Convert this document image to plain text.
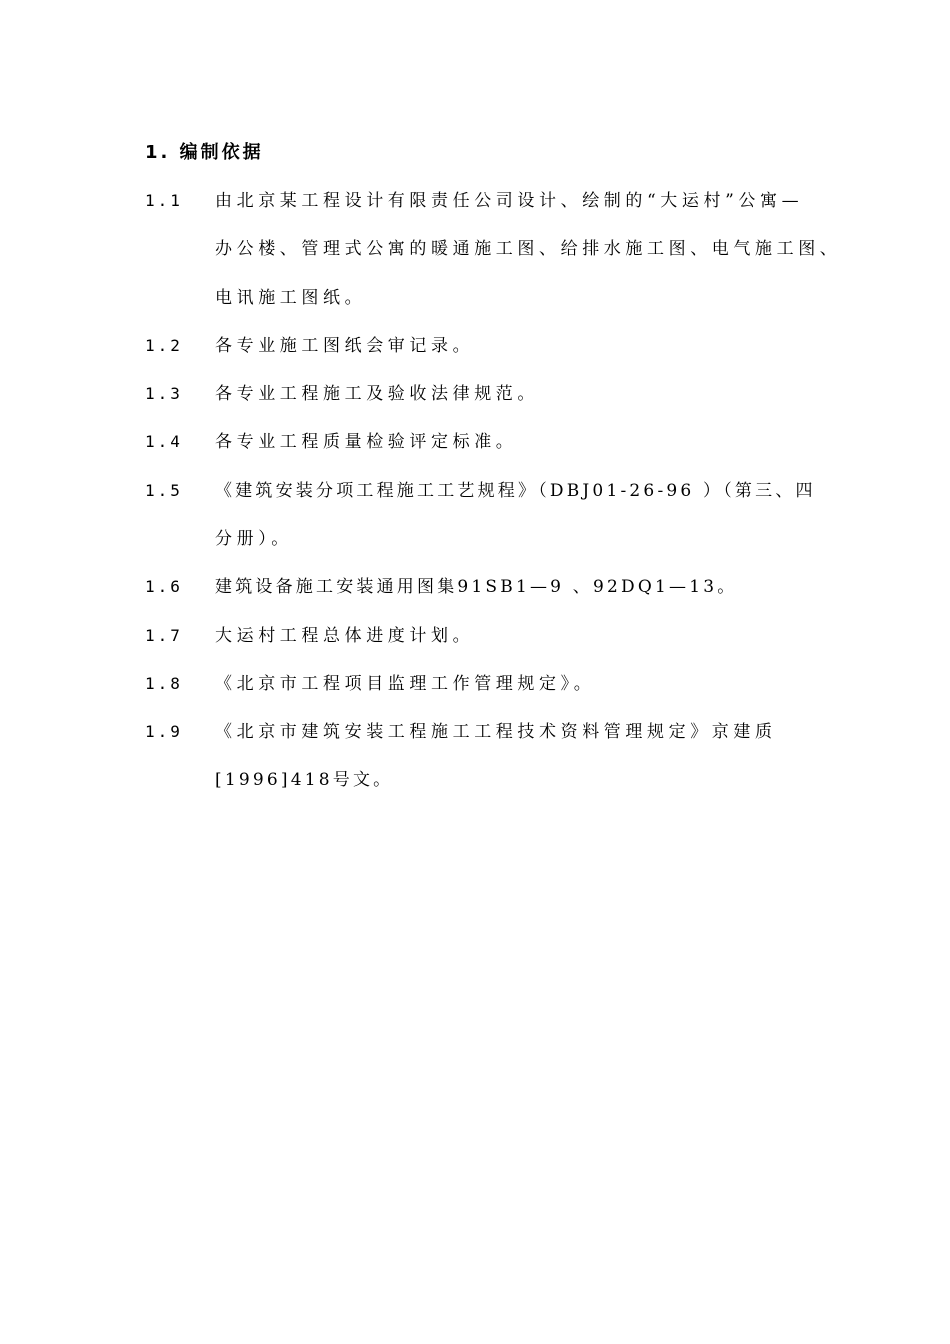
1. 编制依据
1.1 由北京某工程设计有限责任公司设计、绘制的“大运村”公寓—
办公楼、管理式公寓的暖通施工图、给排水施工图、电气施工图、
电讯施工图纸。
1.2 各专业施工图纸会审记录。
1.3 各专业工程施工及验收法律规范。
1.4 各专业工程质量检验评定标准。
1.5 《建筑安装分项工程施工工艺规程》（DBJ01-26-96 ）（第三、四
分册）。
1.6 建筑设备施工安装通用图集91SB1—9 、92DQ1—13。
1.7 大运村工程总体进度计划。
1.8 《北京市工程项目监理工作管理规定》。
1.9 《北京市建筑安装工程施工工程技术资料管理规定》京建质
[1996]418号文。
